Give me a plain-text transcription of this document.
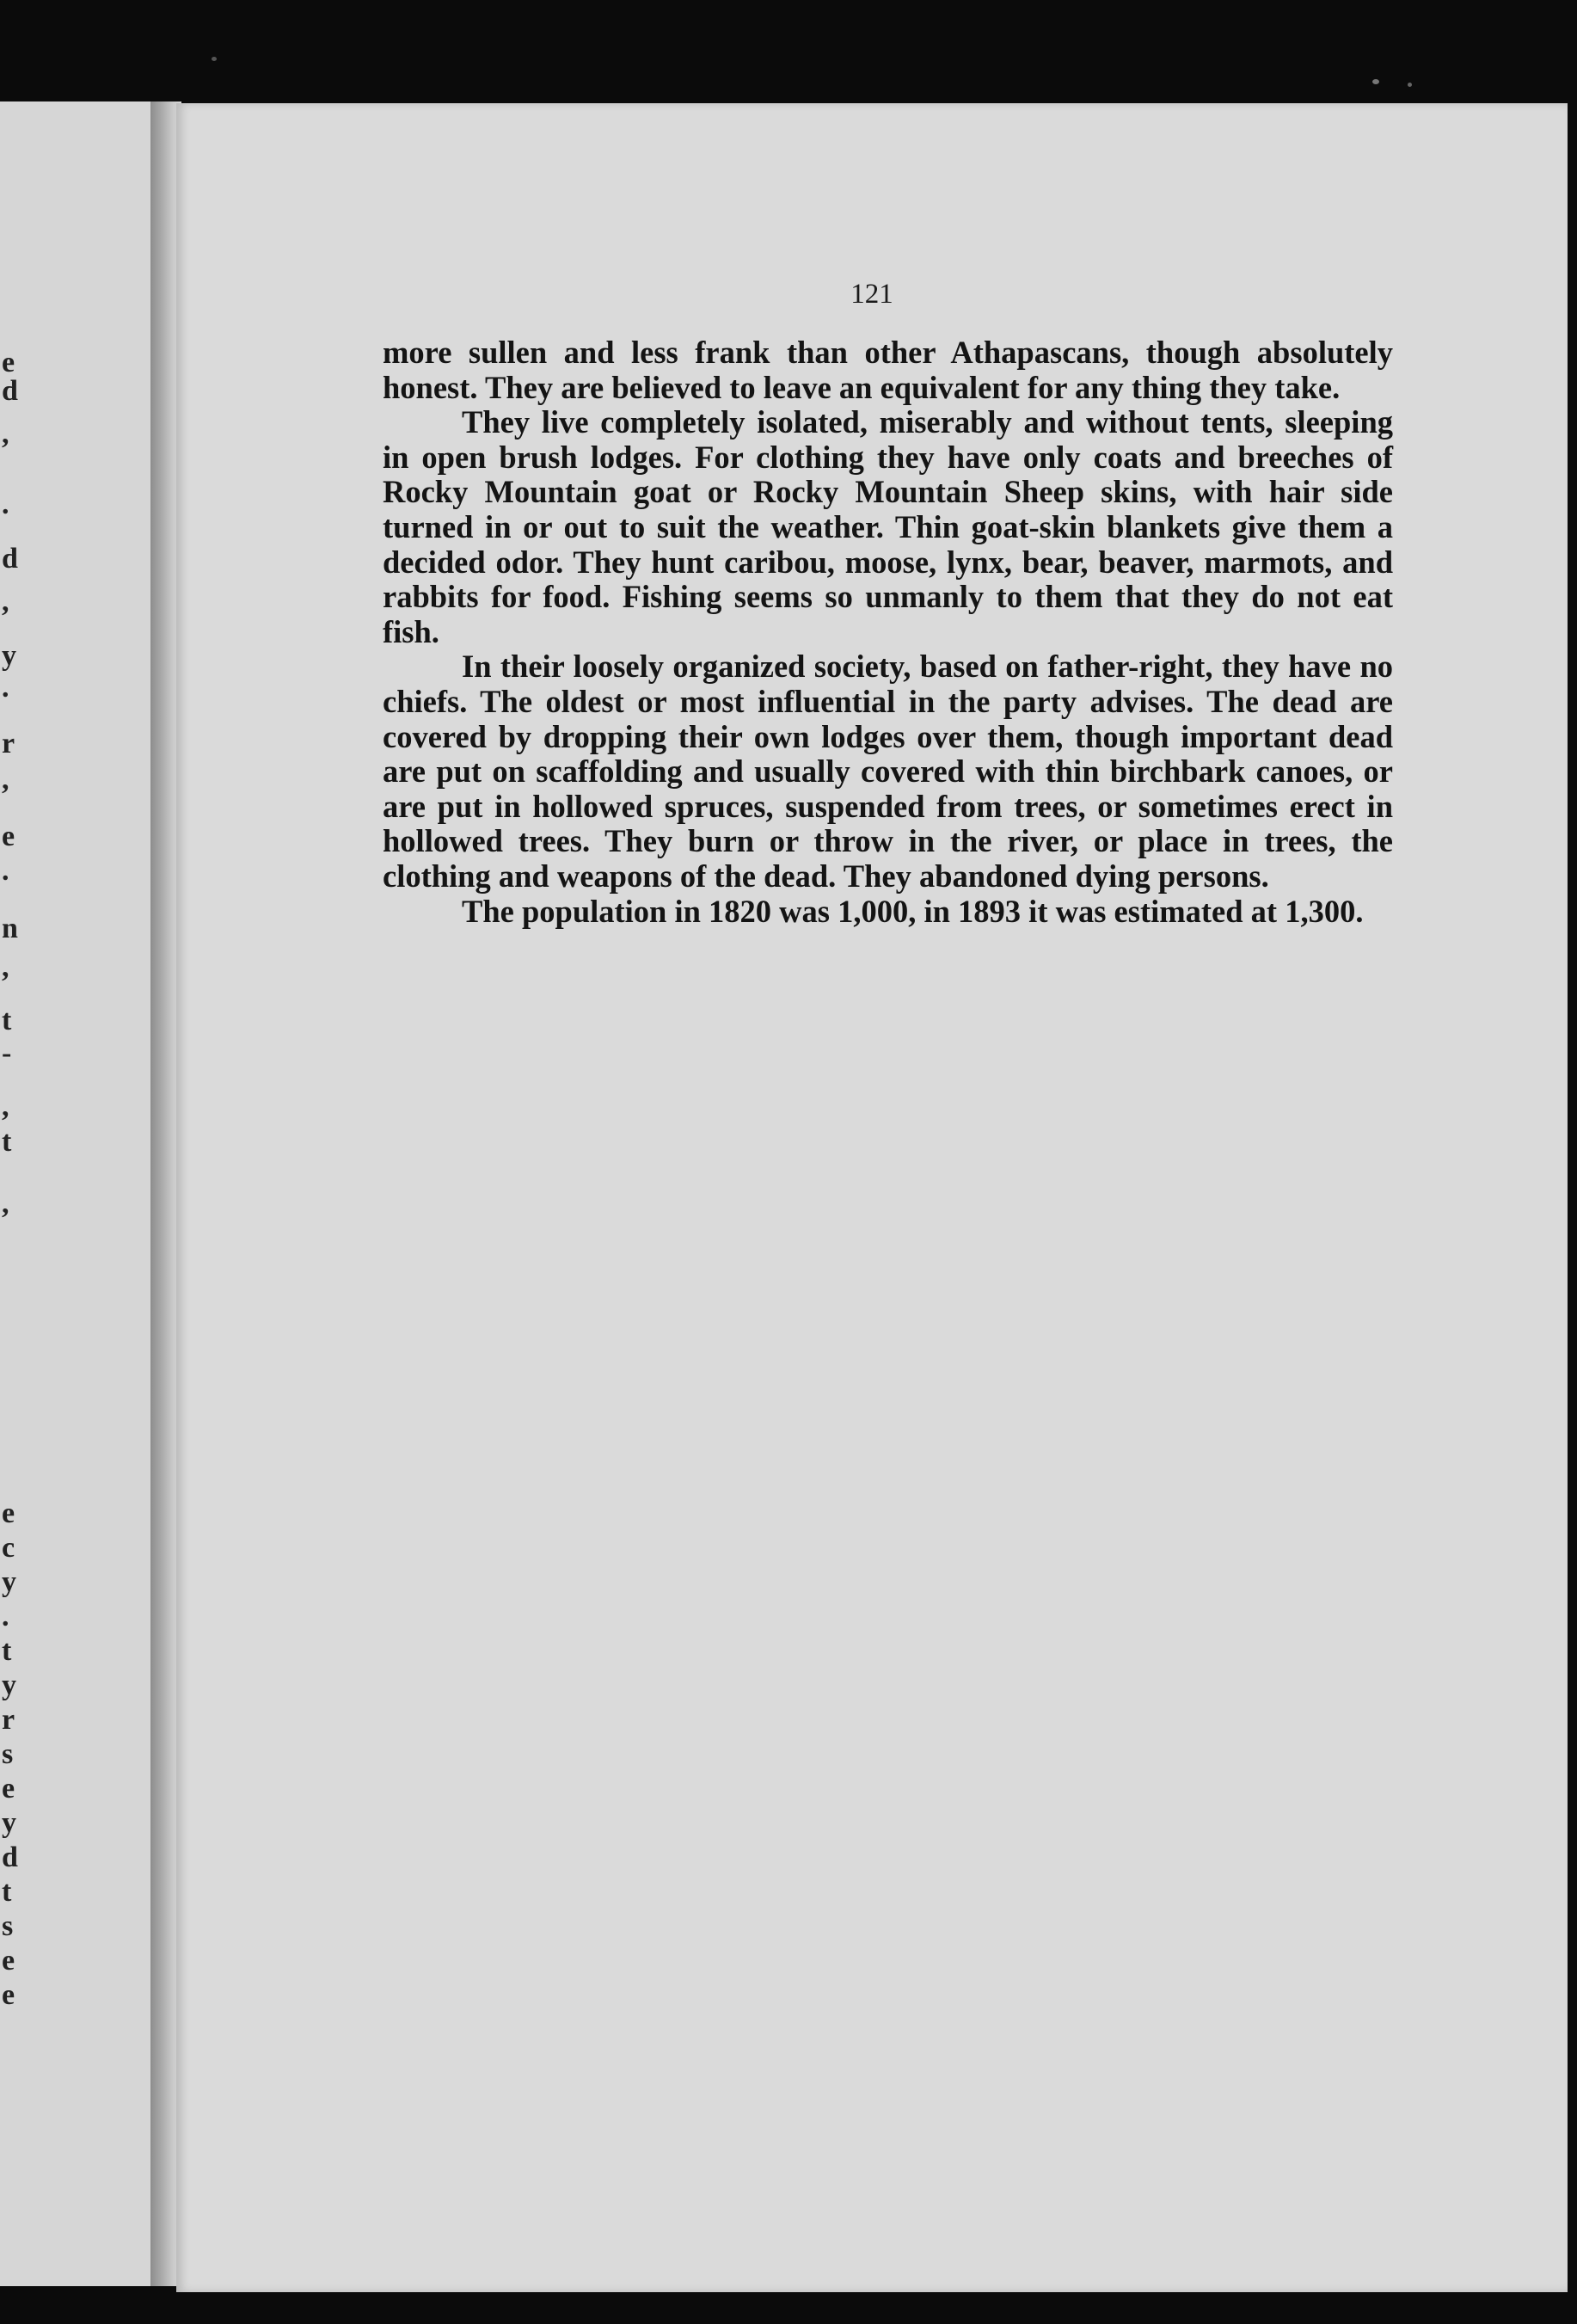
e
d
,
.
d
,
y
.
r
,
e
.
n
,
t
-
,
t
,
e
c
y
.
t
y
r
s
e
y
d
t
s
e
e
121

more sullen and less frank than other Athapascans, though absolutely honest. They are believed to leave an equivalent for any thing they take.

They live completely isolated, miserably and without tents, sleeping in open brush lodges. For clothing they have only coats and breeches of Rocky Mountain goat or Rocky Mountain Sheep skins, with hair side turned in or out to suit the weather. Thin goat-skin blankets give them a decided odor. They hunt caribou, moose, lynx, bear, beaver, marmots, and rabbits for food. Fishing seems so unmanly to them that they do not eat fish.

In their loosely organized society, based on father-right, they have no chiefs. The oldest or most influential in the party advises. The dead are covered by dropping their own lodges over them, though important dead are put on scaffolding and usually covered with thin birchbark canoes, or are put in hollowed spruces, suspended from trees, or sometimes erect in hollowed trees. They burn or throw in the river, or place in trees, the clothing and weapons of the dead. They abandoned dying persons.

The population in 1820 was 1,000, in 1893 it was estimated at 1,300.
